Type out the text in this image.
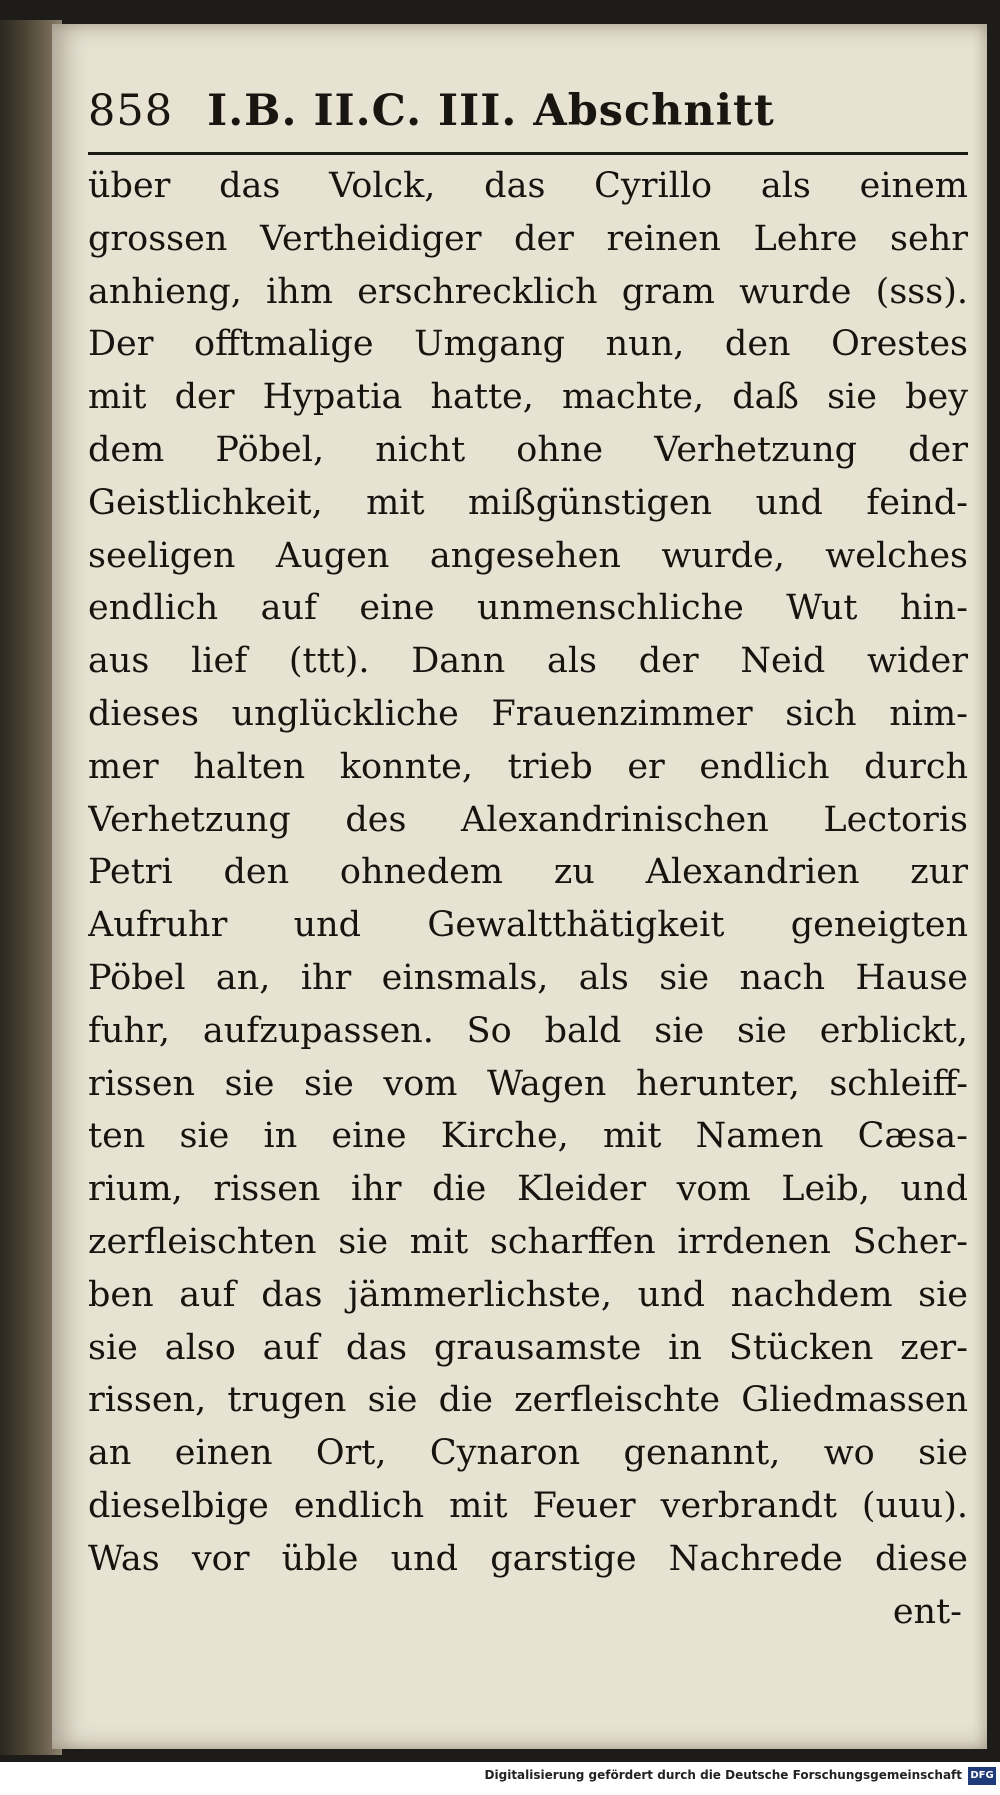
858 I.B. II.C. III. Abschnitt
über das Volck, das Cyrillo als einem
grossen Vertheidiger der reinen Lehre sehr
anhieng, ihm erschrecklich gram wurde (sss).
Der offtmalige Umgang nun, den Orestes
mit der Hypatia hatte, machte, daß sie bey
dem Pöbel, nicht ohne Verhetzung der
Geistlichkeit, mit mißgünstigen und feind-
seeligen Augen angesehen wurde, welches
endlich auf eine unmenschliche Wut hin-
aus lief (ttt). Dann als der Neid wider
dieses unglückliche Frauenzimmer sich nim-
mer halten konnte, trieb er endlich durch
Verhetzung des Alexandrinischen Lectoris
Petri den ohnedem zu Alexandrien zur
Aufruhr und Gewaltthätigkeit geneigten
Pöbel an, ihr einsmals, als sie nach Hause
fuhr, aufzupassen. So bald sie sie erblickt,
rissen sie sie vom Wagen herunter, schleiff-
ten sie in eine Kirche, mit Namen Cæsa-
rium, rissen ihr die Kleider vom Leib, und
zerfleischten sie mit scharffen irrdenen Scher-
ben auf das jämmerlichste, und nachdem sie
sie also auf das grausamste in Stücken zer-
rissen, trugen sie die zerfleischte Gliedmassen
an einen Ort, Cynaron genannt, wo sie
dieselbige endlich mit Feuer verbrandt (uuu).
Was vor üble und garstige Nachrede diese
ent-
Digitalisierung gefördert durch die Deutsche Forschungsgemeinschaft DFG
